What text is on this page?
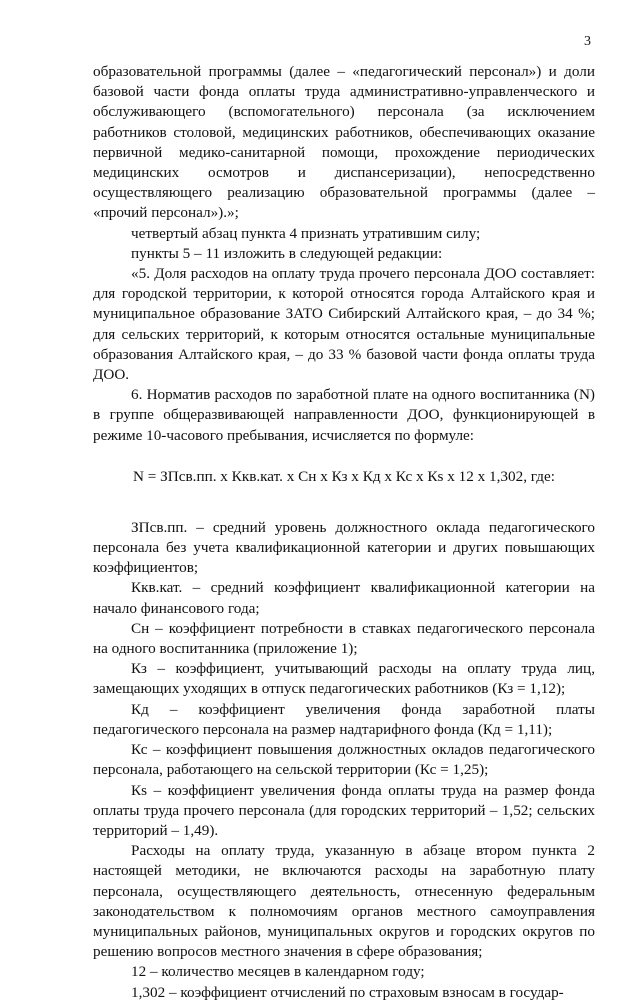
3

образовательной программы (далее – «педагогический персонал») и доли базовой части фонда оплаты труда административно-управленческого и обслуживающего (вспомогательного) персонала (за исключением работников столовой, медицинских работников, обеспечивающих оказание первичной медико-санитарной помощи, прохождение периодических медицинских осмотров и диспансеризации), непосредственно осуществляющего реализацию образовательной программы (далее – «прочий персонал»).»;

четвертый абзац пункта 4 признать утратившим силу;

пункты 5 – 11 изложить в следующей редакции:

«5. Доля расходов на оплату труда прочего персонала ДОО составляет: для городской территории, к которой относятся города Алтайского края и муниципальное образование ЗАТО Сибирский Алтайского края, – до 34 %; для сельских территорий, к которым относятся остальные муниципальные образования Алтайского края, – до 33 % базовой части фонда оплаты труда ДОО.

6. Норматив расходов по заработной плате на одного воспитанника (N) в группе общеразвивающей направленности ДОО, функционирующей в режиме 10-часового пребывания, исчисляется по формуле:

N = ЗПсв.пп. x Ккв.кат. x Сн x Кз x Кд x Кс x Кs x 12 x 1,302, где:

ЗПсв.пп. – средний уровень должностного оклада педагогического персонала без учета квалификационной категории и других повышающих коэффициентов;

Ккв.кат. – средний коэффициент квалификационной категории на начало финансового года;

Сн – коэффициент потребности в ставках педагогического персонала на одного воспитанника (приложение 1);

Кз – коэффициент, учитывающий расходы на оплату труда лиц, замещающих уходящих в отпуск педагогических работников (Кз = 1,12);

Кд – коэффициент увеличения фонда заработной платы педагогического персонала на размер надтарифного фонда (Кд = 1,11);

Кс – коэффициент повышения должностных окладов педагогического персонала, работающего на сельской территории (Кс = 1,25);

Кs – коэффициент увеличения фонда оплаты труда на размер фонда оплаты труда прочего персонала (для городских территорий – 1,52; сельских территорий – 1,49).

Расходы на оплату труда, указанную в абзаце втором пункта 2 настоящей методики, не включаются расходы на заработную плату персонала, осуществляющего деятельность, отнесенную федеральным законодательством к полномочиям органов местного самоуправления муниципальных районов, муниципальных округов и городских округов по решению вопросов местного значения в сфере образования;

12 – количество месяцев в календарном году;

1,302 – коэффициент отчислений по страховым взносам в государ-
